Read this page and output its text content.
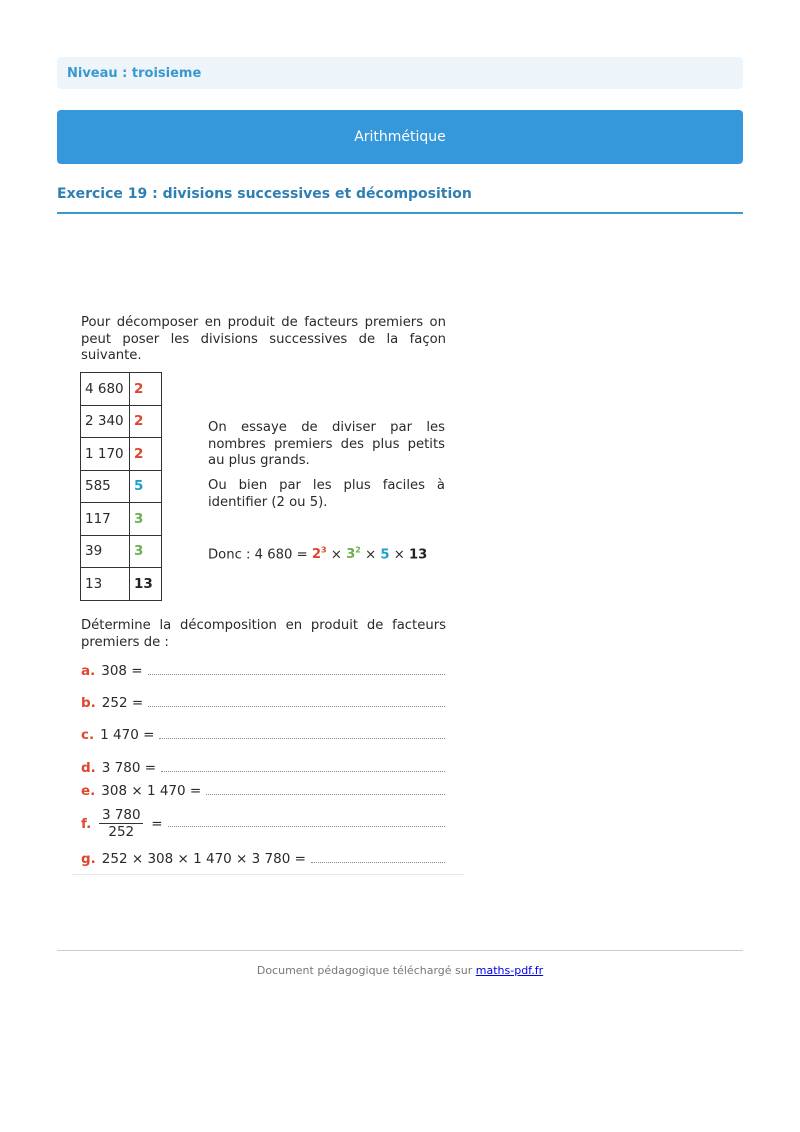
Niveau : troisieme
Arithmétique
Exercice 19 : divisions successives et décomposition
Pour décomposer en produit de facteurs premiers on peut poser les divisions successives de la façon suivante.
4 680	2
2 340	2
1 170	2
585	5
117	3
39	3
13	13
On essaye de diviser par les nombres premiers des plus petits au plus grands.
Ou bien par les plus faciles à identifier (2 ou 5).
Donc : 4 $680 = 2^3 \times 3^2 \times 5 \times 13$
Détermine la décomposition en produit de facteurs premiers de :
a. 308 =
b. 252 =
c. 1 470 =
d. 3 780 =
e. 308 × 1 470 =
f. $\frac{3 780}{252}$ =
g. 252 × 308 × 1 470 × 3 780 =
Document pédagogique téléchargé sur maths-pdf.fr
